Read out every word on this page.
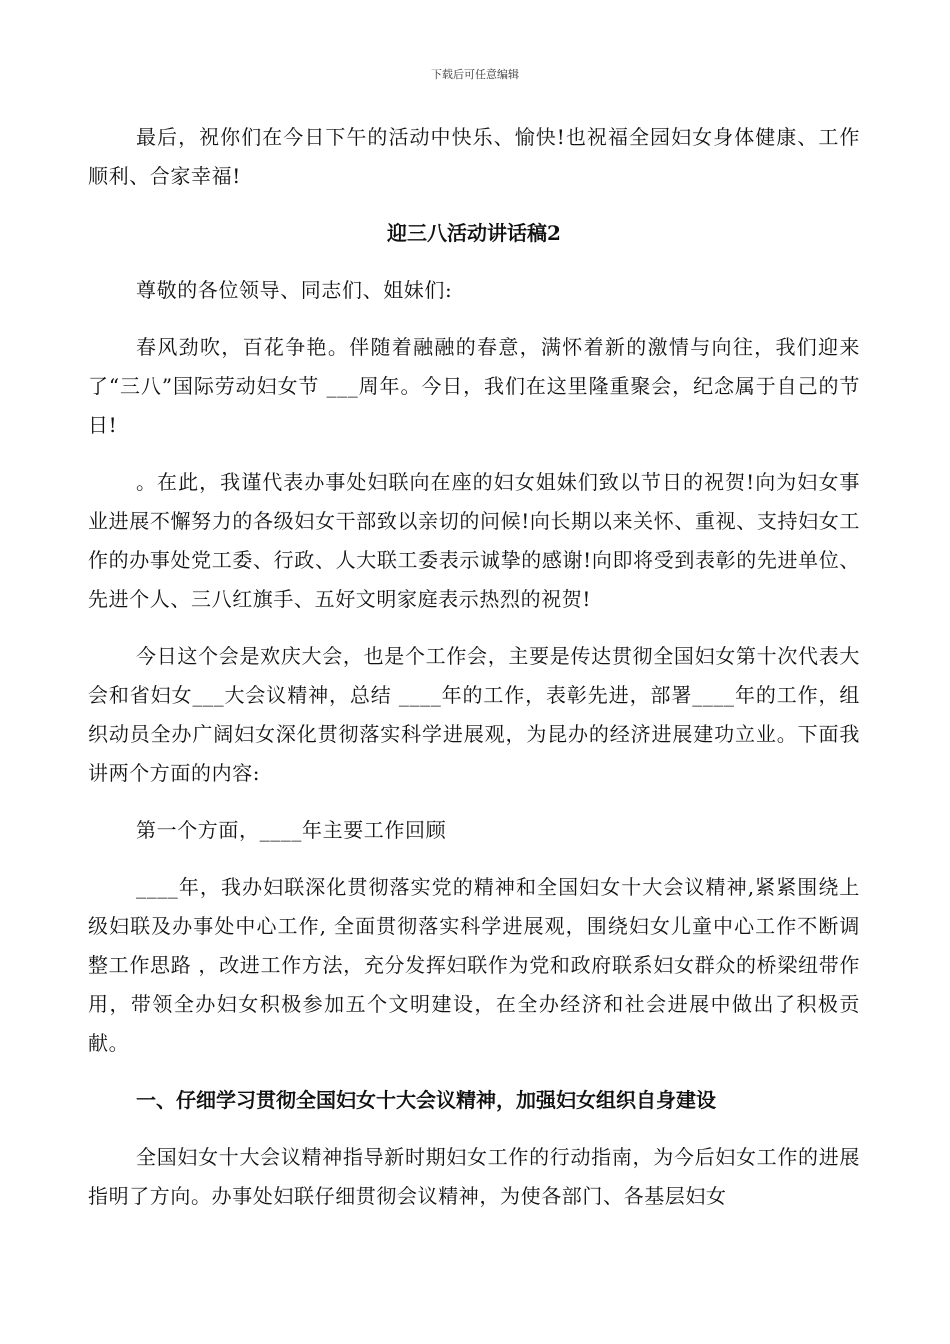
下载后可任意编辑

最后，祝你们在今日下午的活动中快乐、愉快!也祝福全园妇女身体健康、工作顺利、合家幸福!

迎三八活动讲话稿2

尊敬的各位领导、同志们、姐妹们:

春风劲吹，百花争艳。伴随着融融的春意，满怀着新的激情与向往，我们迎来了“三八”国际劳动妇女节 ___周年。今日，我们在这里隆重聚会，纪念属于自己的节日!

。在此，我谨代表办事处妇联向在座的妇女姐妹们致以节日的祝贺!向为妇女事业进展不懈努力的各级妇女干部致以亲切的问候!向长期以来关怀、重视、支持妇女工作的办事处党工委、行政、人大联工委表示诚挚的感谢!向即将受到表彰的先进单位、先进个人、三八红旗手、五好文明家庭表示热烈的祝贺!

今日这个会是欢庆大会，也是个工作会，主要是传达贯彻全国妇女第十次代表大会和省妇女___大会议精神，总结 ____年的工作，表彰先进，部署____年的工作，组织动员全办广阔妇女深化贯彻落实科学进展观，为昆办的经济进展建功立业。下面我讲两个方面的内容:

第一个方面，____年主要工作回顾

____年，我办妇联深化贯彻落实党的精神和全国妇女十大会议精神,紧紧围绕上级妇联及办事处中心工作, 全面贯彻落实科学进展观，围绕妇女儿童中心工作不断调整工作思路 ，改进工作方法，充分发挥妇联作为党和政府联系妇女群众的桥梁纽带作用，带领全办妇女积极参加五个文明建设，在全办经济和社会进展中做出了积极贡献。

一、仔细学习贯彻全国妇女十大会议精神，加强妇女组织自身建设

全国妇女十大会议精神指导新时期妇女工作的行动指南，为今后妇女工作的进展指明了方向。办事处妇联仔细贯彻会议精神，为使各部门、各基层妇女
